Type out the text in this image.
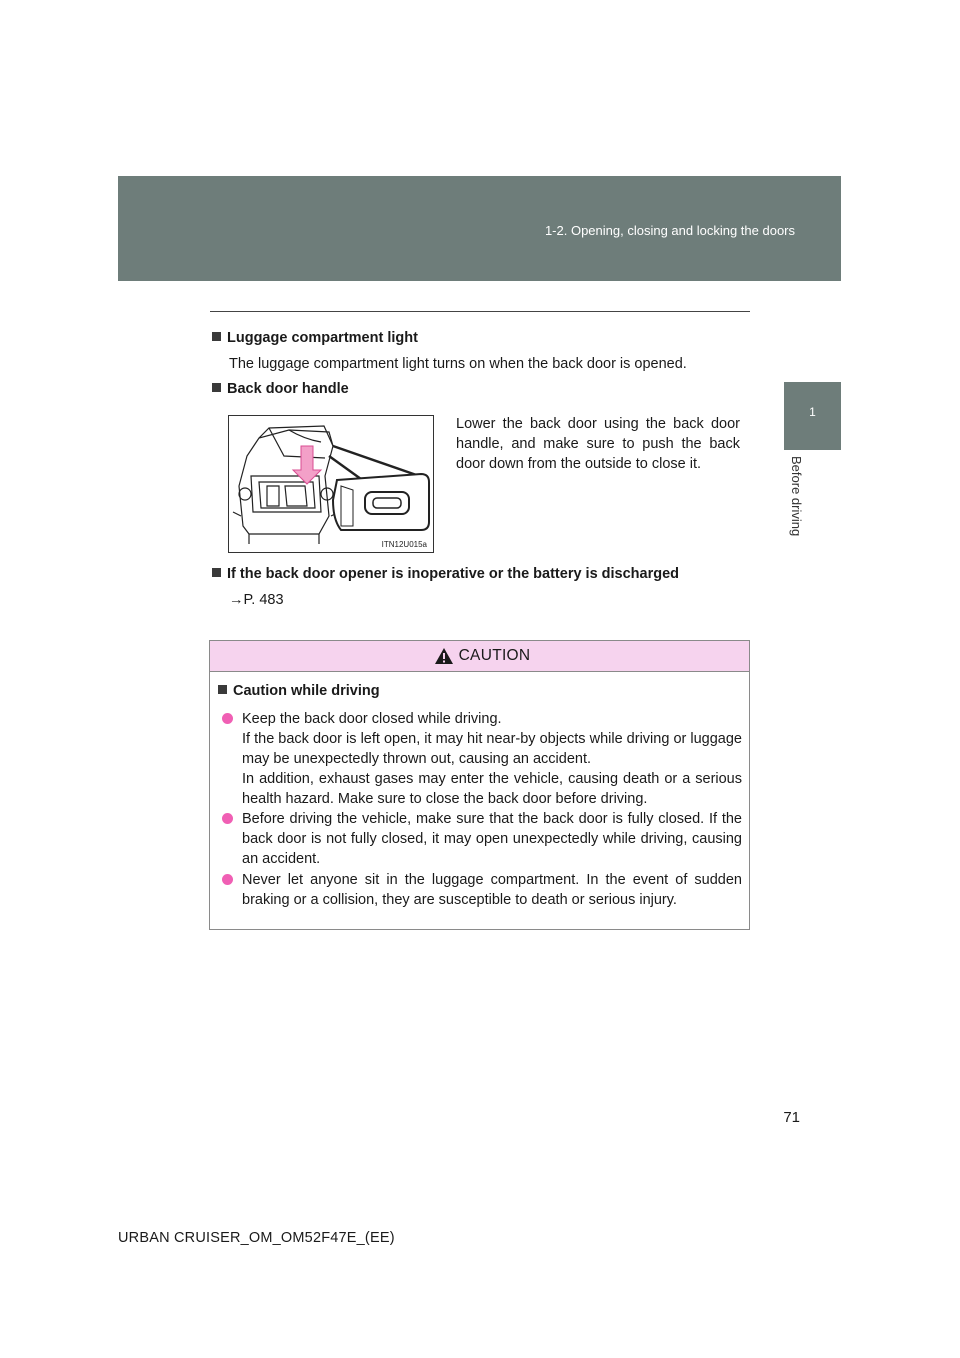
1-2. Opening, closing and locking the doors
1
Before driving
Luggage compartment light
The luggage compartment light turns on when the back door is opened.
Back door handle
ITN12U015a
Lower the back door using the back door handle, and make sure to push the back door down from the outside to close it.
If the back door opener is inoperative or the battery is discharged
→P. 483
CAUTION
Caution while driving
Keep the back door closed while driving.
If the back door is left open, it may hit near-by objects while driving or luggage may be unexpectedly thrown out, causing an accident.
In addition, exhaust gases may enter the vehicle, causing death or a serious health hazard. Make sure to close the back door before driving.
Before driving the vehicle, make sure that the back door is fully closed. If the back door is not fully closed, it may open unexpectedly while driving, causing an accident.
Never let anyone sit in the luggage compartment. In the event of sudden braking or a collision, they are susceptible to death or serious injury.
71
URBAN CRUISER_OM_OM52F47E_(EE)
